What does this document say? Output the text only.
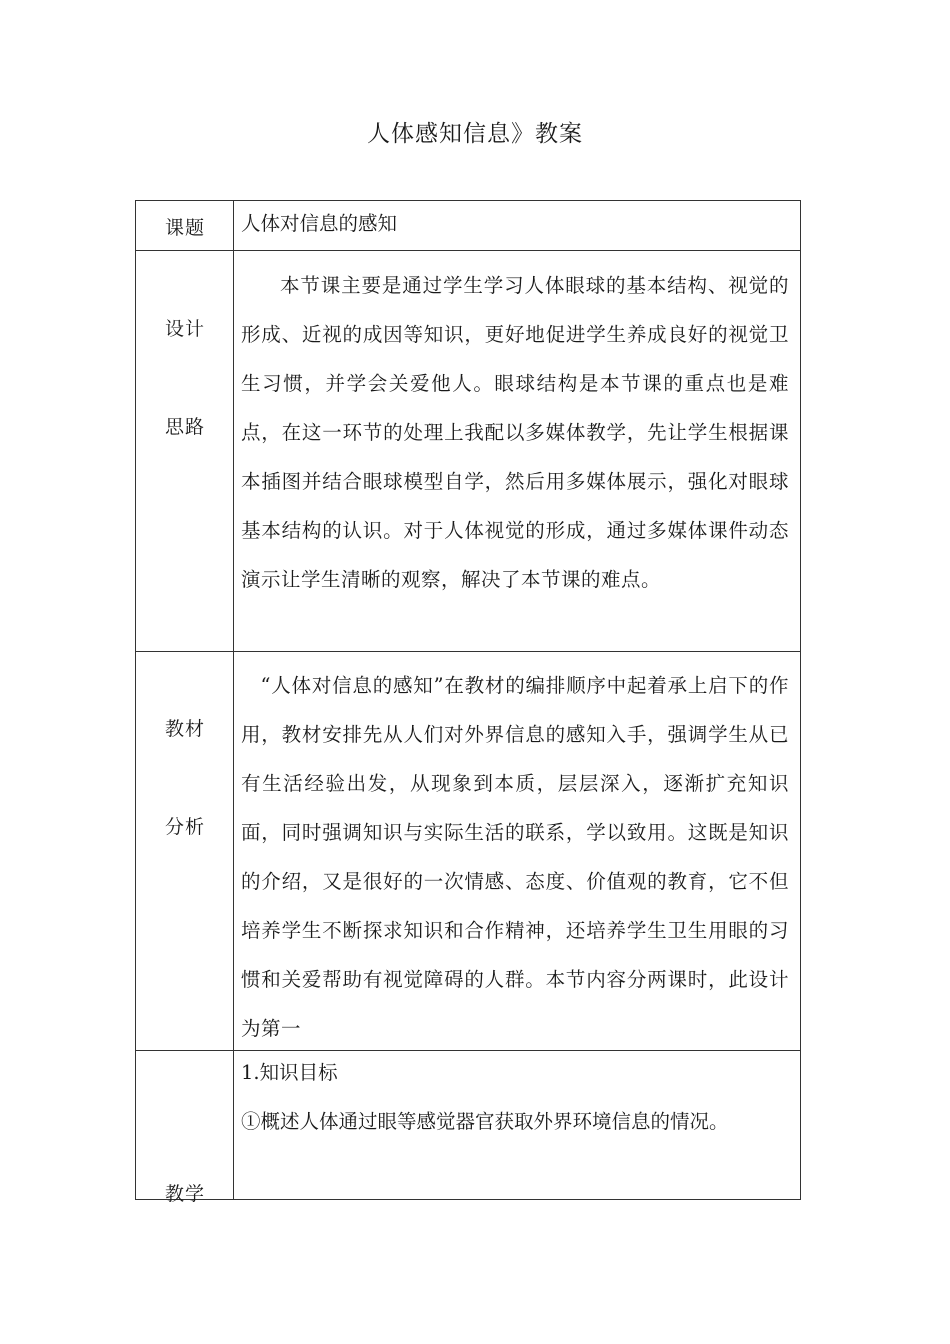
人体感知信息》教案
课题	人体对信息的感知
设计
思路

本节课主要是通过学生学习人体眼球的基本结构、视觉的形成、近视的成因等知识，更好地促进学生养成良好的视觉卫生习惯，并学会关爱他人。眼球结构是本节课的重点也是难点，在这一环节的处理上我配以多媒体教学，先让学生根据课本插图并结合眼球模型自学，然后用多媒体展示，强化对眼球基本结构的认识。对于人体视觉的形成，通过多媒体课件动态演示让学生清晰的观察，解决了本节课的难点。

教材
分析

“人体对信息的感知”在教材的编排顺序中起着承上启下的作用，教材安排先从人们对外界信息的感知入手，强调学生从已有生活经验出发，从现象到本质，层层深入，逐渐扩充知识面，同时强调知识与实际生活的联系，学以致用。这既是知识的介绍，又是很好的一次情感、态度、价值观的教育，它不但培养学生不断探求知识和合作精神，还培养学生卫生用眼的习惯和关爱帮助有视觉障碍的人群。本节内容分两课时，此设计为第一

教学
1.知识目标
①概述人体通过眼等感觉器官获取外界环境信息的情况。
